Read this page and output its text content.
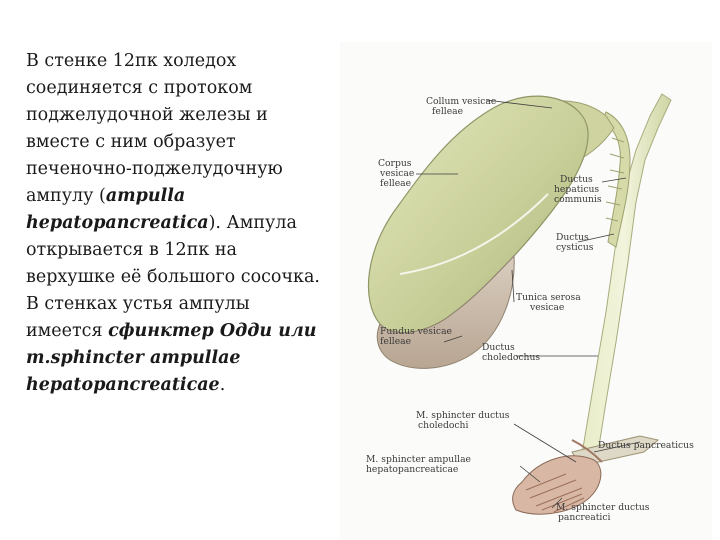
В стенке 12пк холедох соединяется с протоком поджелудочной железы и вместе с ним образует печеночно-поджелудочную ампулу (ampulla hepatopancreatica). Ампула открывается в 12пк на верхушке её большого сосочка. В стенках устья ампулы имеется сфинктер Одди или m.sphincter ampullae hepatopancreaticae.
Collum vesicae
felleae
Corpus
vesicae
felleae	Ductus
hepaticus
communis
Ductus
cysticus
Tunica serosa
vesicae
Fundus vesicae
felleae
Ductus
choledochus
M. sphincter ductus
choledochi
Ductus pancreaticus
M. sphincter ampullae
hepatopancreaticae
M. sphincter ductus
pancreatici
